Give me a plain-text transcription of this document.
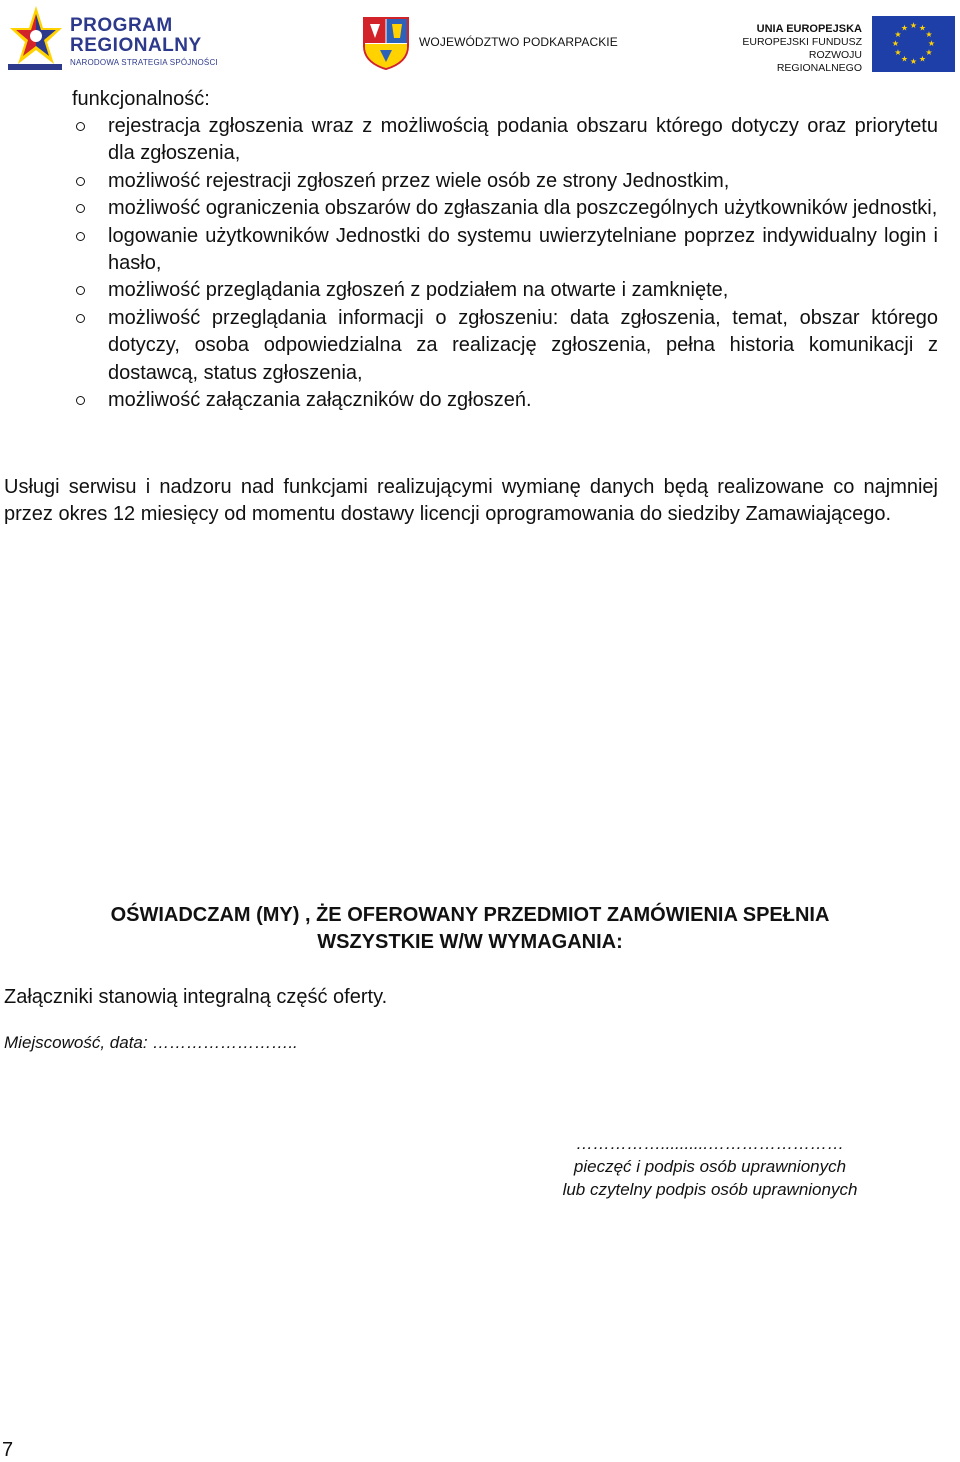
PROGRAM
REGIONALNY
NARODOWA STRATEGIA SPÓJNOŚCI
WOJEWÓDZTWO PODKARPACKIE
UNIA EUROPEJSKA
EUROPEJSKI FUNDUSZ
ROZWOJU REGIONALNEGO
★ ★
★
★
★
★
★
★
★
★
★
★
funkcjonalność:
rejestracja zgłoszenia wraz z możliwością podania obszaru którego dotyczy oraz priorytetu dla zgłoszenia,
możliwość rejestracji zgłoszeń przez wiele osób ze strony Jednostkim,
możliwość ograniczenia obszarów do zgłaszania dla poszczególnych użytkowników jednostki,
logowanie użytkowników Jednostki do systemu uwierzytelniane poprzez indywidualny login i hasło,
możliwość przeglądania zgłoszeń z podziałem na otwarte i zamknięte,
możliwość przeglądania informacji o zgłoszeniu: data zgłoszenia, temat, obszar którego dotyczy, osoba odpowiedzialna za realizację zgłoszenia, pełna historia komunikacji z dostawcą, status zgłoszenia,
możliwość załączania załączników do zgłoszeń.

Usługi serwisu i nadzoru nad funkcjami realizującymi wymianę danych będą realizowane co najmniej przez okres 12 miesięcy od momentu dostawy licencji oprogramowania do siedziby Zamawiającego.

OŚWIADCZAM (MY) , ŻE OFEROWANY PRZEDMIOT ZAMÓWIENIA SPEŁNIA
WSZYSTKIE W/W WYMAGANIA:
Załączniki stanowią integralną część oferty.
Miejscowość, data: ……………………..
……………..........……………………
pieczęć i podpis osób uprawnionych
lub czytelny podpis osób uprawnionych
7
